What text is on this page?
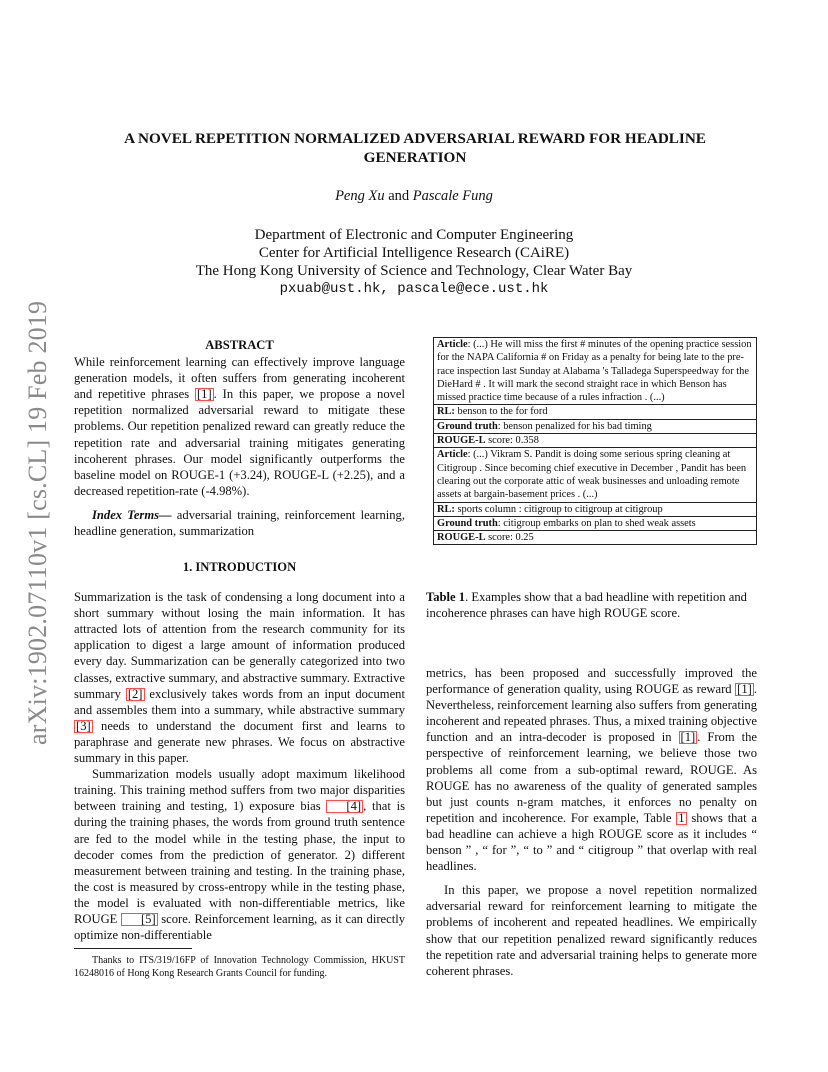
arXiv:1902.07110v1 [cs.CL] 19 Feb 2019
A NOVEL REPETITION NORMALIZED ADVERSARIAL REWARD FOR HEADLINE GENERATION
Peng Xu and Pascale Fung
Department of Electronic and Computer Engineering
Center for Artificial Intelligence Research (CAiRE)
The Hong Kong University of Science and Technology, Clear Water Bay
pxuab@ust.hk, pascale@ece.ust.hk
ABSTRACT

While reinforcement learning can effectively improve language generation models, it often suffers from generating incoherent and repetitive phrases [1] . In this paper, we propose a novel repetition normalized adversarial reward to mitigate these problems. Our repetition penalized reward can greatly reduce the repetition rate and adversarial training mitigates generating incoherent phrases. Our model significantly outperforms the baseline model on ROUGE-1 (+3.24), ROUGE-L (+2.25), and a decreased repetition-rate (-4.98%).

Index Terms— adversarial training, reinforcement learning, headline generation, summarization

1. INTRODUCTION

Summarization is the task of condensing a long document into a short summary without losing the main information. It has attracted lots of attention from the research community for its application to digest a large amount of information produced every day. Summarization can be generally categorized into two classes, extractive summary, and abstractive summary. Extractive summary [2] exclusively takes words from an input document and assembles them into a summary, while abstractive summary [3] needs to understand the document first and learns to paraphrase and generate new phrases. We focus on abstractive summary in this paper.

Summarization models usually adopt maximum likelihood training. This training method suffers from two major disparities between training and testing, 1) exposure bias [4] , that is during the training phases, the words from ground truth sentence are fed to the model while in the testing phase, the input to decoder comes from the prediction of generator. 2) different measurement between training and testing. In the training phase, the cost is measured by cross-entropy while in the testing phase, the model is evaluated with non-differentiable metrics, like ROUGE [5] score. Reinforcement learning, as it can directly optimize non-differentiable

Thanks to ITS/319/16FP of Innovation Technology Commission, HKUST 16248016 of Hong Kong Research Grants Council for funding.
Article: (...) He will miss the first # minutes of the opening practice session for the NAPA California # on Friday as a penalty for being late to the pre-race inspection last Sunday at Alabama 's Talladega Superspeedway for the DieHard # . It will mark the second straight race in which Benson has missed practice time because of a rules infraction . (...)
RL: benson to the for ford
Ground truth: benson penalized for his bad timing
ROUGE-L score: 0.358
Article: (...) Vikram S. Pandit is doing some serious spring cleaning at Citigroup . Since becoming chief executive in December , Pandit has been clearing out the corporate attic of weak businesses and unloading remote assets at bargain-basement prices . (...)
RL: sports column : citigroup to citigroup at citigroup
Ground truth: citigroup embarks on plan to shed weak assets
ROUGE-L score: 0.25
Table 1. Examples show that a bad headline with repetition and incoherence phrases can have high ROUGE score.

metrics, has been proposed and successfully improved the performance of generation quality, using ROUGE as reward [1] . Nevertheless, reinforcement learning also suffers from generating incoherent and repeated phrases. Thus, a mixed training objective function and an intra-decoder is proposed in [1] . From the perspective of reinforcement learning, we believe those two problems all come from a sub-optimal reward, ROUGE. As ROUGE has no awareness of the quality of generated samples but just counts n-gram matches, it enforces no penalty on repetition and incoherence. For example, Table 1 shows that a bad headline can achieve a high ROUGE score as it includes “ benson ” , “ for ”, “ to ” and “ citigroup ” that overlap with real headlines.

In this paper, we propose a novel repetition normalized adversarial reward for reinforcement learning to mitigate the problems of incoherent and repeated headlines. We empirically show that our repetition penalized reward significantly reduces the repetition rate and adversarial training helps to generate more coherent phrases.
